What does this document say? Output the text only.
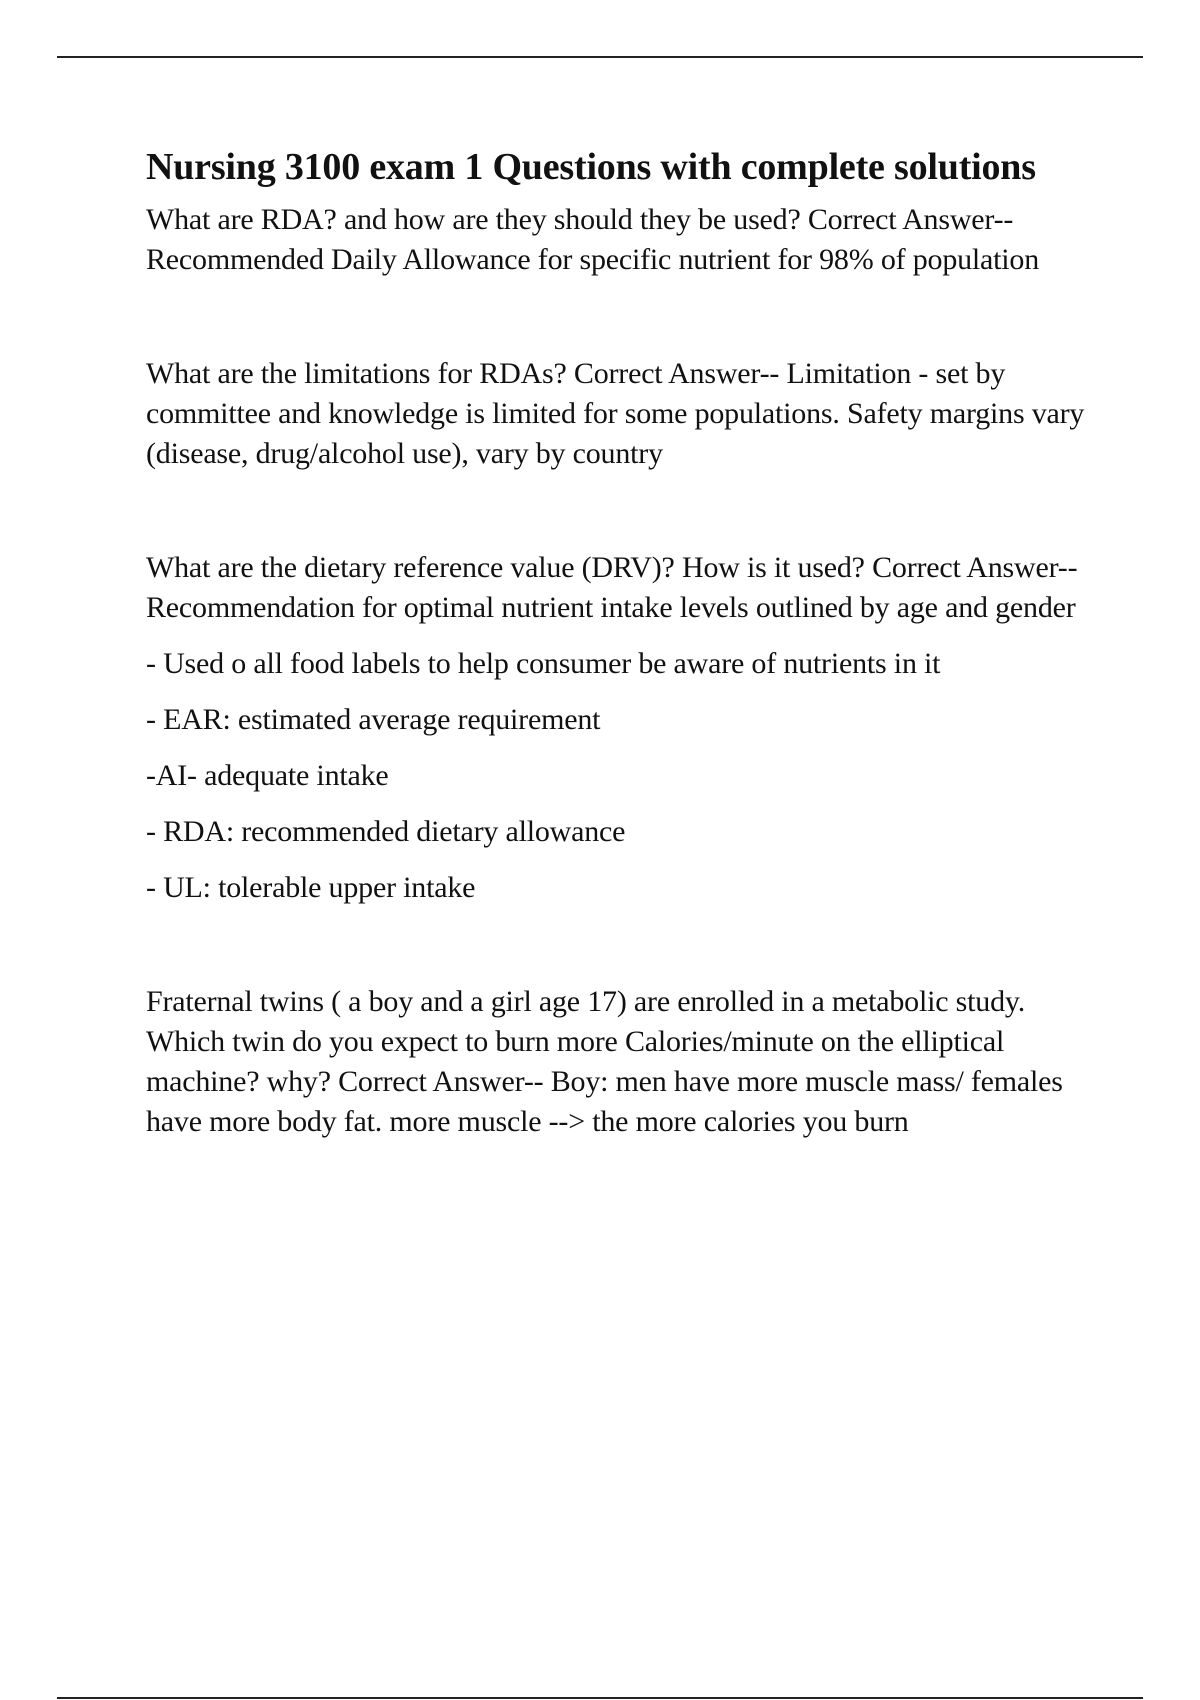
Nursing 3100 exam 1 Questions with complete solutions

What are RDA? and how are they should they be used? Correct Answer--Recommended Daily Allowance for specific nutrient for 98% of population

What are the limitations for RDAs? Correct Answer-- Limitation - set by committee and knowledge is limited for some populations. Safety margins vary (disease, drug/alcohol use), vary by country

What are the dietary reference value (DRV)? How is it used? Correct Answer-- Recommendation for optimal nutrient intake levels outlined by age and gender

- Used o all food labels to help consumer be aware of nutrients in it

- EAR: estimated average requirement

-AI- adequate intake

- RDA: recommended dietary allowance

- UL: tolerable upper intake

Fraternal twins ( a boy and a girl age 17) are enrolled in a metabolic study. Which twin do you expect to burn more Calories/minute on the elliptical machine? why? Correct Answer-- Boy: men have more muscle mass/ females have more body fat. more muscle --> the more calories you burn
